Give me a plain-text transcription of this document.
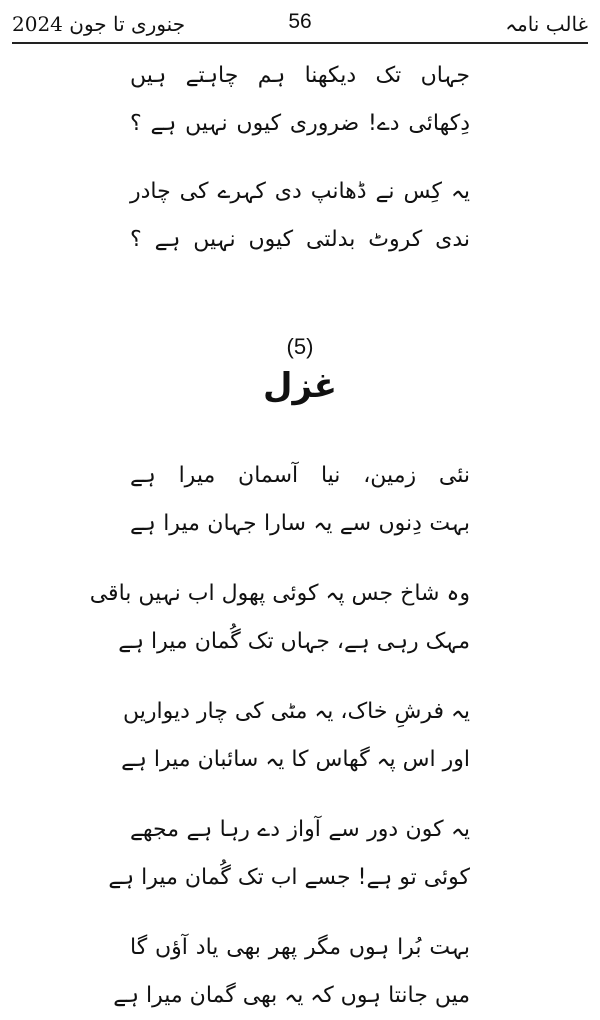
جنوری تا جون 2024	56	غالب نامہ
جہاں تک دیکھنا ہم چاہتے ہیں
دِکھائی دے! ضروری کیوں نہیں ہے ؟
یہ کِس نے ڈھانپ دی کہرے کی چادر
ندی کروٹ بدلتی کیوں نہیں ہے ؟
(5)
غزل
نئی زمین، نیا آسمان میرا ہے
بہت دِنوں سے یہ سارا جہان میرا ہے
وہ شاخ جس پہ کوئی پھول اب نہیں باقی
مہک رہی ہے، جہاں تک گُمان میرا ہے
یہ فرشِ خاک، یہ مٹی کی چار دیواریں
اور اس پہ گھاس کا یہ سائبان میرا ہے
یہ کون دور سے آواز دے رہا ہے مجھے
کوئی تو ہے! جسے اب تک گُمان میرا ہے
بہت بُرا ہوں مگر پھر بھی یاد آؤں گا
میں جانتا ہوں کہ یہ بھی گمان میرا ہے
